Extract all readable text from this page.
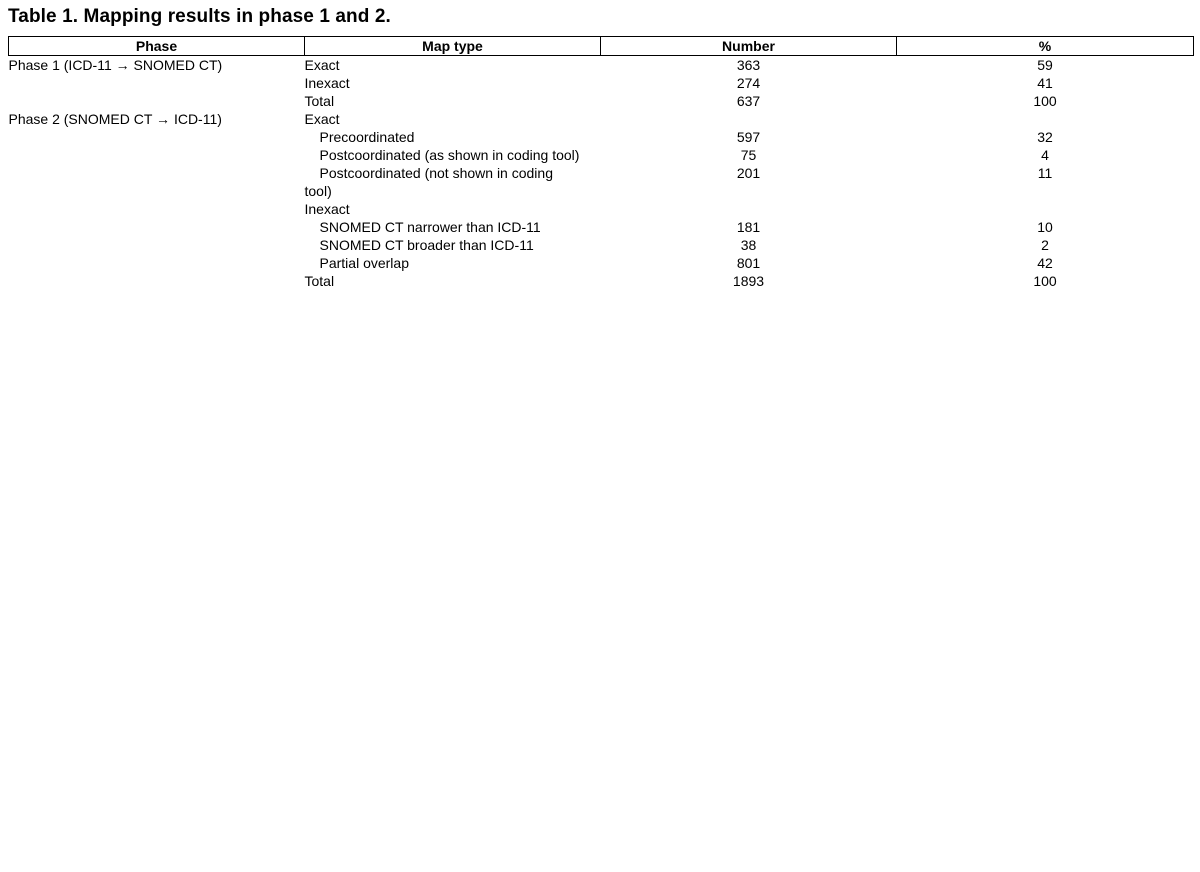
Table 1. Mapping results in phase 1 and 2.
Phase	Map type	Number	%
Phase 1 (ICD-11 → SNOMED CT)	Exact	363	59
	Inexact	274	41
	Total	637	100
Phase 2 (SNOMED CT → ICD-11)	Exact		
	Precoordinated	597	32
	Postcoordinated (as shown in coding tool)	75	4
	Postcoordinated (not shown in coding	201	11
	tool)		
	Inexact		
	SNOMED CT narrower than ICD-11	181	10
	SNOMED CT broader than ICD-11	38	2
	Partial overlap	801	42
	Total	1893	100
